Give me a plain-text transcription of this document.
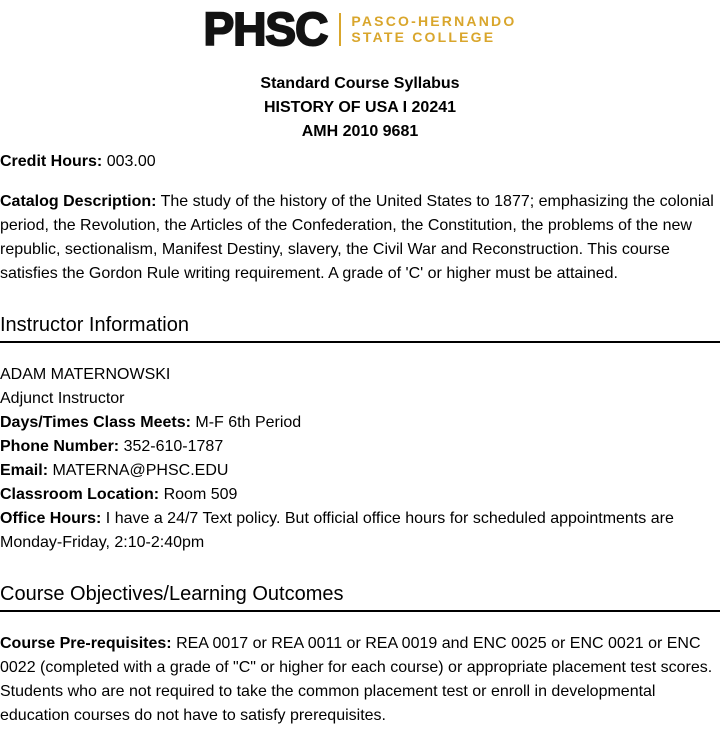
PHSC PASCO-HERNANDO
STATE COLLEGE
Standard Course Syllabus
HISTORY OF USA I 20241
AMH 2010 9681

Credit Hours: 003.00

Catalog Description: The study of the history of the United States to 1877; emphasizing the colonial period, the Revolution, the Articles of the Confederation, the Constitution, the problems of the new republic, sectionalism, Manifest Destiny, slavery, the Civil War and Reconstruction. This course satisfies the Gordon Rule writing requirement. A grade of 'C' or higher must be attained.

Instructor Information
ADAM MATERNOWSKI
Adjunct Instructor
Days/Times Class Meets: M-F 6th Period
Phone Number: 352-610-1787
Email: MATERNA@PHSC.EDU
Classroom Location: Room 509
Office Hours: I have a 24/7 Text policy. But official office hours for scheduled appointments are Monday-Friday, 2:10-2:40pm
Course Objectives/Learning Outcomes

Course Pre-requisites: REA 0017 or REA 0011 or REA 0019 and ENC 0025 or ENC 0021 or ENC 0022 (completed with a grade of "C" or higher for each course) or appropriate placement test scores. Students who are not required to take the common placement test or enroll in developmental education courses do not have to satisfy prerequisites.
